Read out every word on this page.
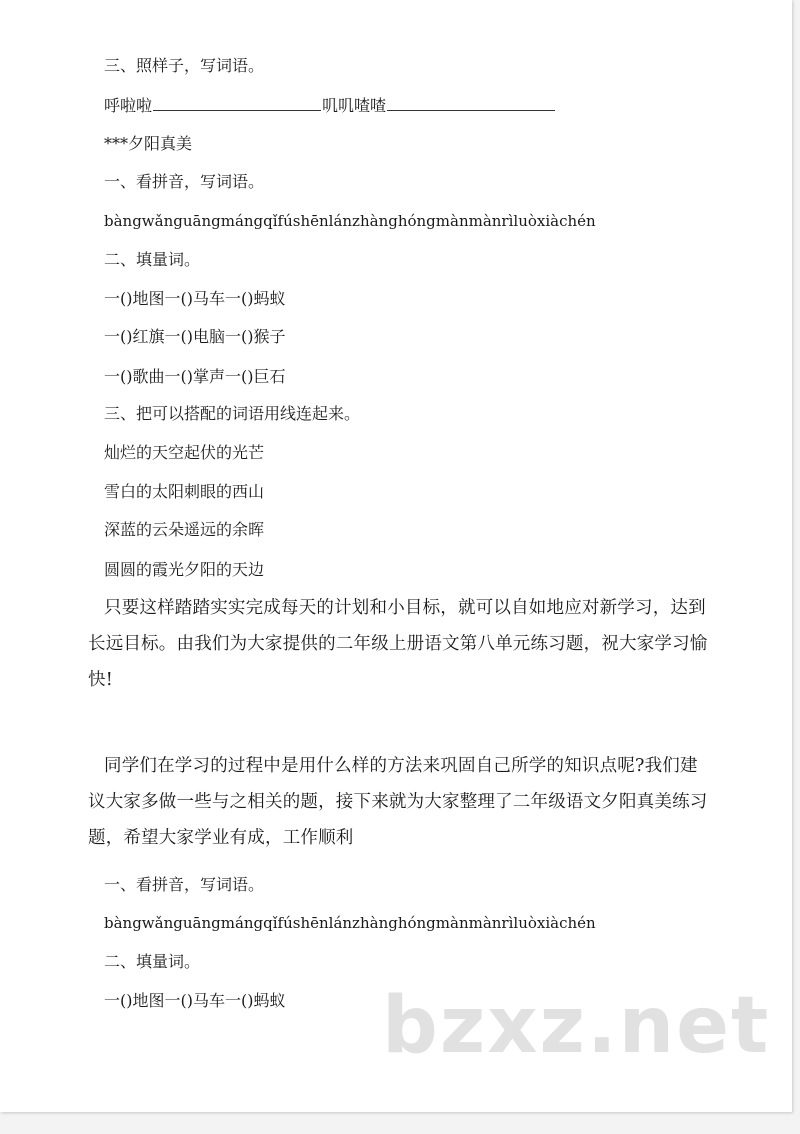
三、照样子，写词语。
呼啦啦	叽叽喳喳
***夕阳真美
一、看拼音，写词语。
bàngwǎnguāngmángqǐfúshēnlánzhànghóngmànmànrìluòxiàchén
二、填量词。
一()地图一()马车一()蚂蚁
一()红旗一()电脑一()猴子
一()歌曲一()掌声一()巨石
三、把可以搭配的词语用线连起来。
灿烂的天空起伏的光芒
雪白的太阳刺眼的西山
深蓝的云朵遥远的余晖
圆圆的霞光夕阳的天边
只要这样踏踏实实完成每天的计划和小目标，就可以自如地应对新学习，达到长远目标。由我们为大家提供的二年级上册语文第八单元练习题，祝大家学习愉快!
同学们在学习的过程中是用什么样的方法来巩固自己所学的知识点呢?我们建议大家多做一些与之相关的题，接下来就为大家整理了二年级语文夕阳真美练习题，希望大家学业有成，工作顺利
一、看拼音，写词语。
bàngwǎnguāngmángqǐfúshēnlánzhànghóngmànmànrìluòxiàchén
二、填量词。
一()地图一()马车一()蚂蚁 bzxz.net
